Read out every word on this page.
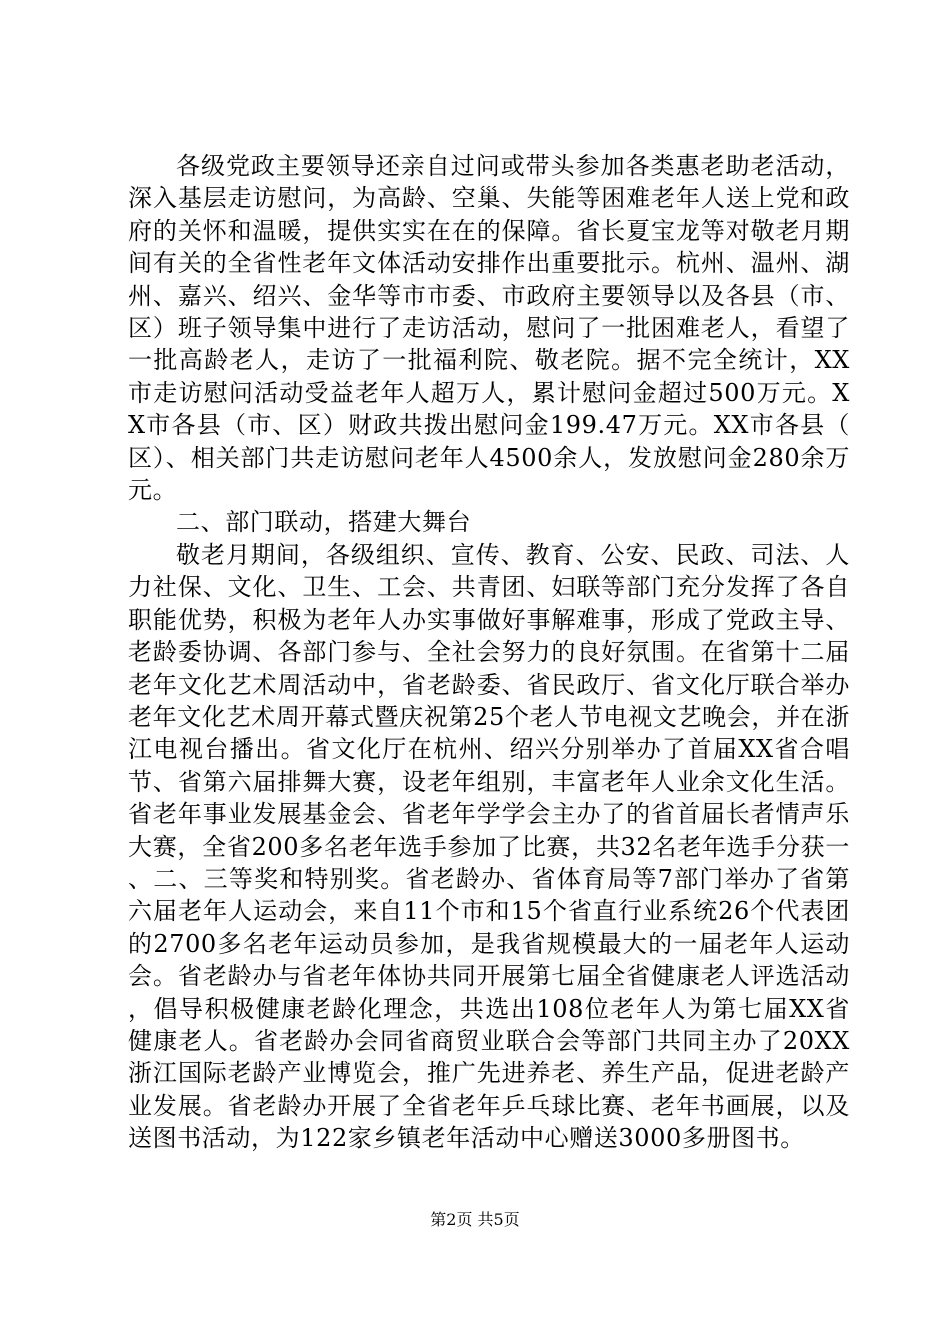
各级党政主要领导还亲自过问或带头参加各类惠老助老活动，深入基层走访慰问，为高龄、空巢、失能等困难老年人送上党和政府的关怀和温暖，提供实实在在的保障。省长夏宝龙等对敬老月期间有关的全省性老年文体活动安排作出重要批示。杭州、温州、湖州、嘉兴、绍兴、金华等市市委、市政府主要领导以及各县（市、区）班子领导集中进行了走访活动，慰问了一批困难老人，看望了一批高龄老人，走访了一批福利院、敬老院。据不完全统计，XX市走访慰问活动受益老年人超万人，累计慰问金超过500万元。XX市各县（市、区）财政共拨出慰问金199.47万元。XX市各县（区）、相关部门共走访慰问老年人4500余人，发放慰问金280余万元。

二、部门联动，搭建大舞台

敬老月期间，各级组织、宣传、教育、公安、民政、司法、人力社保、文化、卫生、工会、共青团、妇联等部门充分发挥了各自职能优势，积极为老年人办实事做好事解难事，形成了党政主导、老龄委协调、各部门参与、全社会努力的良好氛围。在省第十二届老年文化艺术周活动中，省老龄委、省民政厅、省文化厅联合举办老年文化艺术周开幕式暨庆祝第25个老人节电视文艺晚会，并在浙江电视台播出。省文化厅在杭州、绍兴分别举办了首届XX省合唱节、省第六届排舞大赛，设老年组别，丰富老年人业余文化生活。省老年事业发展基金会、省老年学学会主办了的省首届长者情声乐大赛，全省200多名老年选手参加了比赛，共32名老年选手分获一、二、三等奖和特别奖。省老龄办、省体育局等7部门举办了省第六届老年人运动会，来自11个市和15个省直行业系统26个代表团的2700多名老年运动员参加，是我省规模最大的一届老年人运动会。省老龄办与省老年体协共同开展第七届全省健康老人评选活动，倡导积极健康老龄化理念，共选出108位老年人为第七届XX省健康老人。省老龄办会同省商贸业联合会等部门共同主办了20XX浙江国际老龄产业博览会，推广先进养老、养生产品，促进老龄产业发展。省老龄办开展了全省老年乒乓球比赛、老年书画展，以及送图书活动，为122家乡镇老年活动中心赠送3000多册图书。

第2页 共5页
